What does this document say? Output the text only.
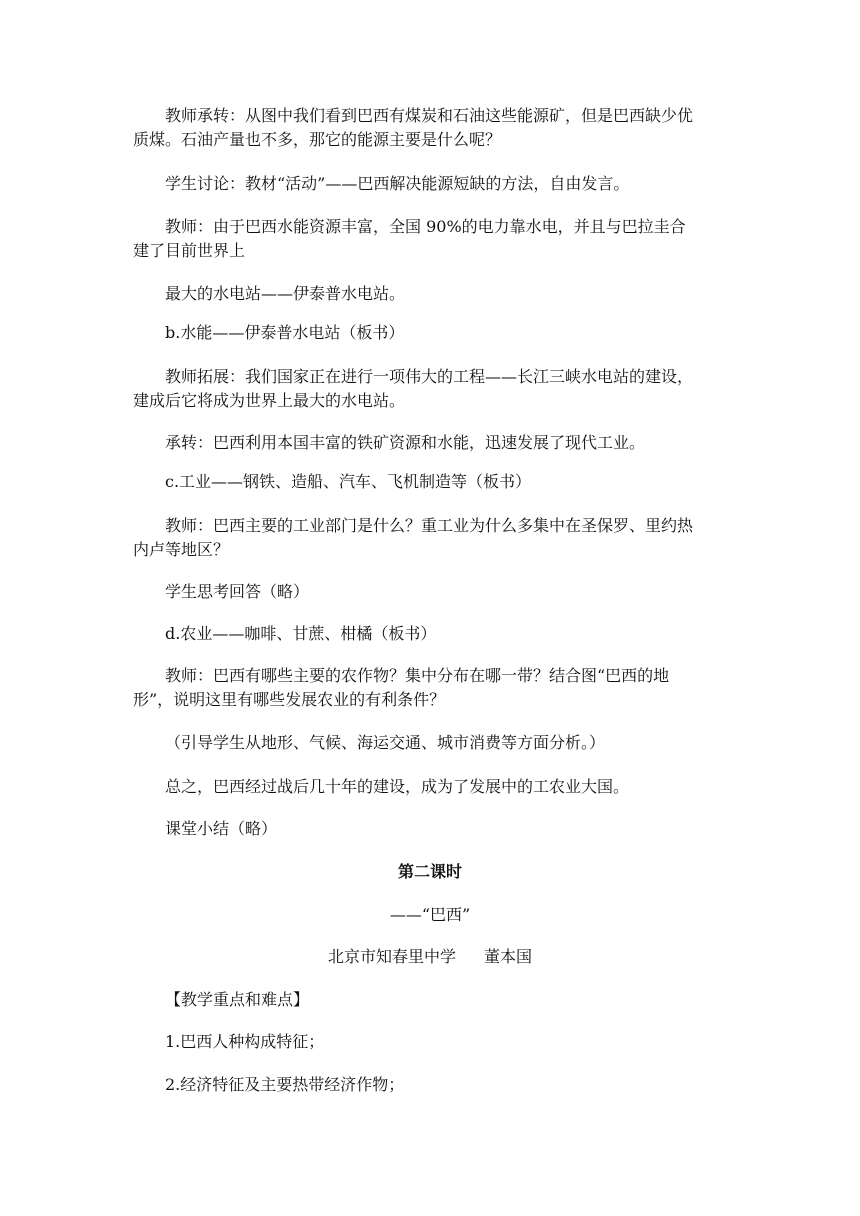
教师承转：从图中我们看到巴西有煤炭和石油这些能源矿，但是巴西缺少优
质煤。石油产量也不多，那它的能源主要是什么呢？
学生讨论：教材“活动”——巴西解决能源短缺的方法，自由发言。
教师：由于巴西水能资源丰富，全国 90%的电力靠水电，并且与巴拉圭合
建了目前世界上
最大的水电站——伊泰普水电站。
b.水能——伊泰普水电站（板书）
教师拓展：我们国家正在进行一项伟大的工程——长江三峡水电站的建设，
建成后它将成为世界上最大的水电站。
承转：巴西利用本国丰富的铁矿资源和水能，迅速发展了现代工业。
c.工业——钢铁、造船、汽车、飞机制造等（板书）
教师：巴西主要的工业部门是什么？重工业为什么多集中在圣保罗、里约热
内卢等地区？
学生思考回答（略）
d.农业——咖啡、甘蔗、柑橘（板书）
教师：巴西有哪些主要的农作物？集中分布在哪一带？结合图“巴西的地
形”，说明这里有哪些发展农业的有利条件？
（引导学生从地形、气候、海运交通、城市消费等方面分析。）
总之，巴西经过战后几十年的建设，成为了发展中的工农业大国。
课堂小结（略）
第二课时
——“巴西”
北京市知春里中学 董本国
【教学重点和难点】
1.巴西人种构成特征；
2.经济特征及主要热带经济作物；
